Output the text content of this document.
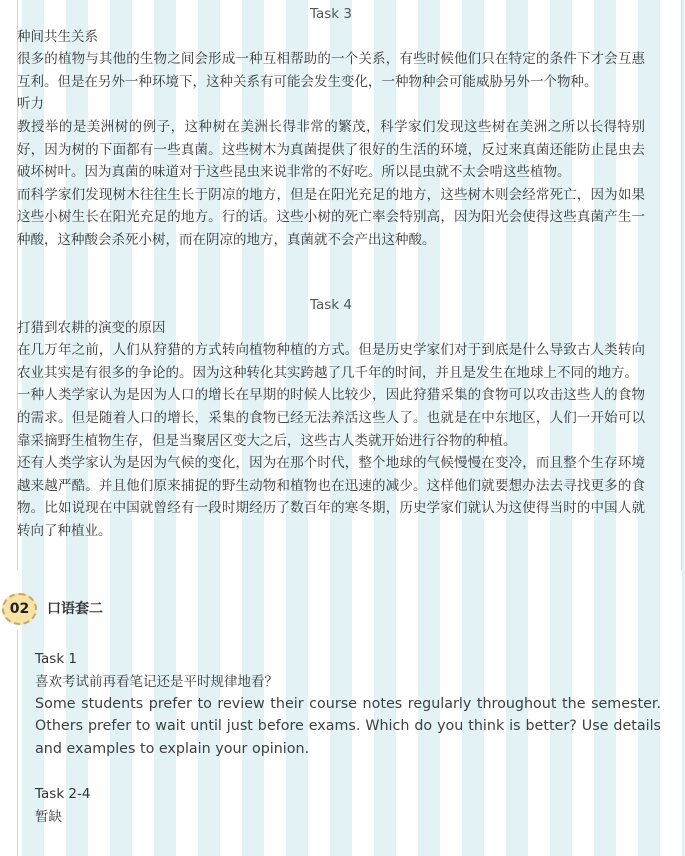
Task 3

种间共生关系

很多的植物与其他的生物之间会形成一种互相帮助的一个关系，有些时候他们只在特定的条件下才会互惠互利。但是在另外一种环境下，这种关系有可能会发生变化，一种物种会可能威胁另外一个物种。

听力

教授举的是美洲树的例子，这种树在美洲长得非常的繁茂，科学家们发现这些树在美洲之所以长得特别好，因为树的下面都有一些真菌。这些树木为真菌提供了很好的生活的环境，反过来真菌还能防止昆虫去破坏树叶。因为真菌的味道对于这些昆虫来说非常的不好吃。所以昆虫就不太会啃这些植物。

而科学家们发现树木往往生长于阴凉的地方，但是在阳光充足的地方，这些树木则会经常死亡，因为如果这些小树生长在阳光充足的地方。行的话。这些小树的死亡率会特别高，因为阳光会使得这些真菌产生一种酸，这种酸会杀死小树，而在阴凉的地方，真菌就不会产出这种酸。

Task 4

打猎到农耕的演变的原因

在几万年之前，人们从狩猎的方式转向植物种植的方式。但是历史学家们对于到底是什么导致古人类转向农业其实是有很多的争论的。因为这种转化其实跨越了几千年的时间，并且是发生在地球上不同的地方。

一种人类学家认为是因为人口的增长在早期的时候人比较少，因此狩猎采集的食物可以攻击这些人的食物的需求。但是随着人口的增长，采集的食物已经无法养活这些人了。也就是在中东地区，人们一开始可以靠采摘野生植物生存，但是当聚居区变大之后，这些古人类就开始进行谷物的种植。

还有人类学家认为是因为气候的变化，因为在那个时代，整个地球的气候慢慢在变冷，而且整个生存环境越来越严酷。并且他们原来捕捉的野生动物和植物也在迅速的减少。这样他们就要想办法去寻找更多的食物。比如说现在中国就曾经有一段时期经历了数百年的寒冬期，历史学家们就认为这使得当时的中国人就转向了种植业。

02	口语套二

Task 1

喜欢考试前再看笔记还是平时规律地看？

Some students prefer to review their course notes regularly throughout the semester. Others prefer to wait until just before exams. Which do you think is better? Use details and examples to explain your opinion.

Task 2-4

暂缺
